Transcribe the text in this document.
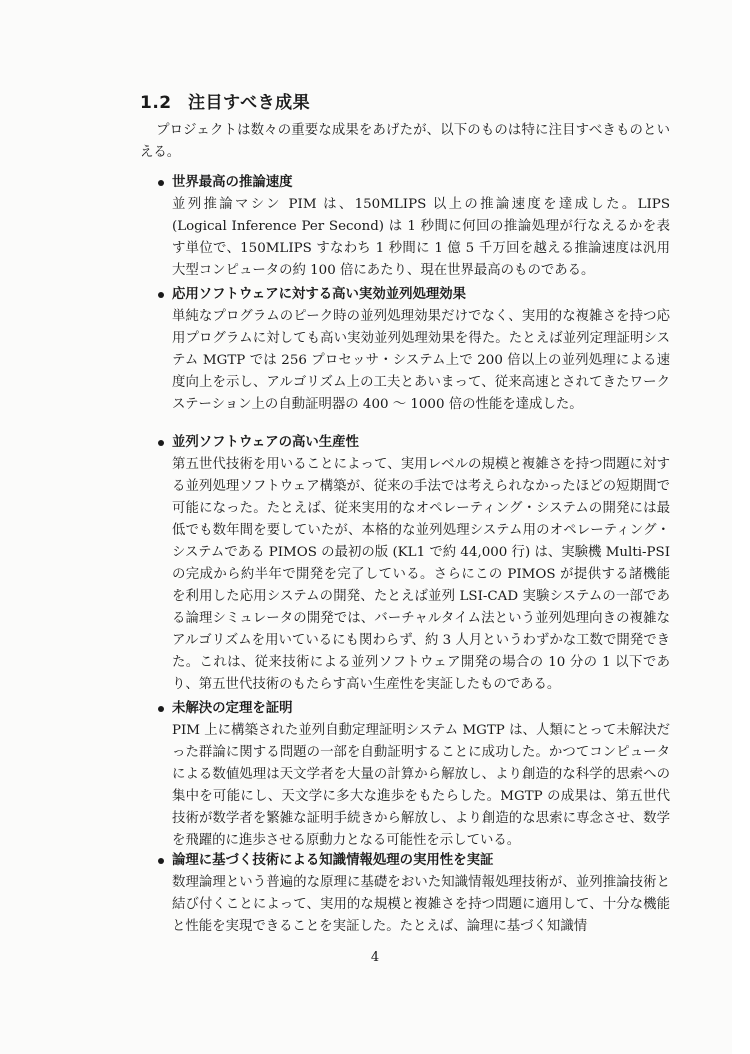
1.2 注目すべき成果

プロジェクトは数々の重要な成果をあげたが、以下のものは特に注目すべきものといえる。

世界最高の推論速度

並列推論マシン PIM は、150MLIPS 以上の推論速度を達成した。LIPS (Logical Inference Per Second) は 1 秒間に何回の推論処理が行なえるかを表す単位で、150MLIPS すなわち 1 秒間に 1 億 5 千万回を越える推論速度は汎用大型コンピュータの約 100 倍にあたり、現在世界最高のものである。

応用ソフトウェアに対する高い実効並列処理効果

単純なプログラムのピーク時の並列処理効果だけでなく、実用的な複雑さを持つ応用プログラムに対しても高い実効並列処理効果を得た。たとえば並列定理証明システム MGTP では 256 プロセッサ・システム上で 200 倍以上の並列処理による速度向上を示し、アルゴリズム上の工夫とあいまって、従来高速とされてきたワークステーション上の自動証明器の 400 〜 1000 倍の性能を達成した。

並列ソフトウェアの高い生産性

第五世代技術を用いることによって、実用レベルの規模と複雑さを持つ問題に対する並列処理ソフトウェア構築が、従来の手法では考えられなかったほどの短期間で可能になった。たとえば、従来実用的なオペレーティング・システムの開発には最低でも数年間を要していたが、本格的な並列処理システム用のオペレーティング・システムである PIMOS の最初の版 (KL1 で約 44,000 行) は、実験機 Multi-PSI の完成から約半年で開発を完了している。さらにこの PIMOS が提供する諸機能を利用した応用システムの開発、たとえば並列 LSI-CAD 実験システムの一部である論理シミュレータの開発では、バーチャルタイム法という並列処理向きの複雑なアルゴリズムを用いているにも関わらず、約 3 人月というわずかな工数で開発できた。これは、従来技術による並列ソフトウェア開発の場合の 10 分の 1 以下であり、第五世代技術のもたらす高い生産性を実証したものである。

未解決の定理を証明

PIM 上に構築された並列自動定理証明システム MGTP は、人類にとって未解決だった群論に関する問題の一部を自動証明することに成功した。かつてコンピュータによる数値処理は天文学者を大量の計算から解放し、より創造的な科学的思索への集中を可能にし、天文学に多大な進歩をもたらした。MGTP の成果は、第五世代技術が数学者を繁雑な証明手続きから解放し、より創造的な思索に専念させ、数学を飛躍的に進歩させる原動力となる可能性を示している。

論理に基づく技術による知識情報処理の実用性を実証

数理論理という普遍的な原理に基礎をおいた知識情報処理技術が、並列推論技術と結び付くことによって、実用的な規模と複雑さを持つ問題に適用して、十分な機能と性能を実現できることを実証した。たとえば、論理に基づく知識情

4
